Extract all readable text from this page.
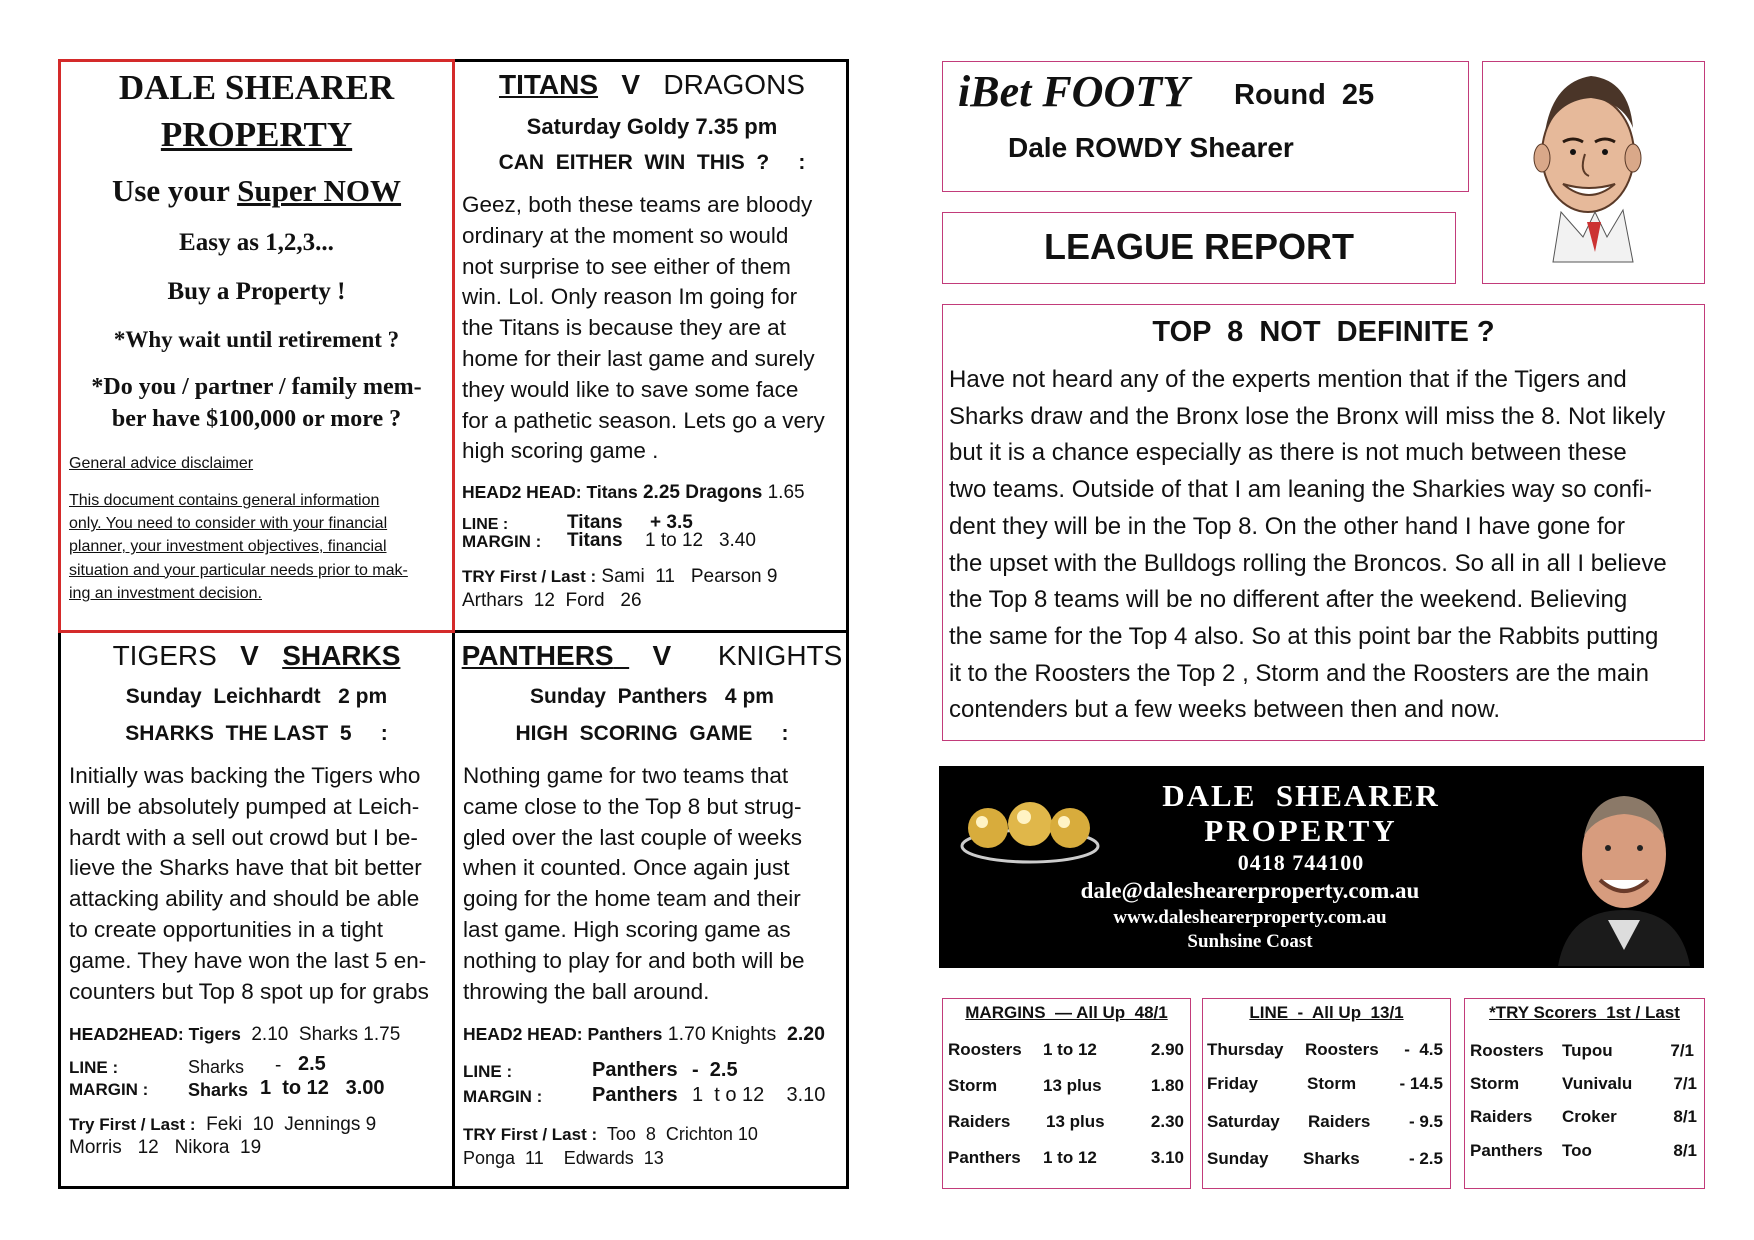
DALE SHEARER
PROPERTY
Use your Super NOW
Easy as 1,2,3...
Buy a Property !
*Why wait until retirement ?
*Do you / partner / family mem-
ber have $100,000 or more ?
General advice disclaimer
This document contains general information
only. You need to consider with your financial
planner, your investment objectives, financial
situation and your particular needs prior to mak-
ing an investment decision.
TITANS V DRAGONS
Saturday Goldy 7.35 pm
CAN  EITHER  WIN  THIS  ?     :
Geez, both these teams are bloody
ordinary at the moment so would
not surprise to see either of them
win. Lol. Only reason Im going for
the Titans is because they are at
home for their last game and surely
they would like to save some face
for a pathetic season. Lets go a very
high scoring game .
HEAD2 HEAD: Titans 2.25 Dragons 1.65
LINE :	Titans + 3.5
MARGIN : Titans 1 to 12   3.40
TRY First / Last : Sami  11   Pearson 9
Arthars  12  Ford   26
TIGERS V SHARKS
Sunday  Leichhardt   2 pm
SHARKS  THE LAST  5     :
Initially was backing the Tigers who
will be absolutely pumped at Leich-
hardt with a sell out crowd but I be-
lieve the Sharks have that bit better
attacking ability and should be able
to create opportunities in a tight
game. They have won the last 5 en-
counters but Top 8 spot up for grabs
HEAD2HEAD: Tigers 2.10  Sharks 1.75
LINE :	Sharks - 2.5
MARGIN : Sharks 1  to 12   3.00
Try First / Last : Feki  10  Jennings 9
Morris   12   Nikora  19
PANTHERS V KNIGHTS
Sunday  Panthers   4 pm
HIGH  SCORING  GAME     :
Nothing game for two teams that
came close to the Top 8 but strug-
gled over the last couple of weeks
when it counted. Once again just
going for the home team and their
last game. High scoring game as
nothing to play for and both will be
throwing the ball around.
HEAD2 HEAD: Panthers 1.70 Knights 2.20
LINE :	Panthers -  2.5
MARGIN : Panthers 1  t o 12    3.10
TRY First / Last : Too  8  Crichton 10
Ponga  11    Edwards  13
iBet FOOTY Round  25
Dale ROWDY Shearer
LEAGUE REPORT
TOP  8  NOT  DEFINITE ?
Have not heard any of the experts mention that if the Tigers and
Sharks draw and the Bronx lose the Bronx will miss the 8. Not likely
but it is a chance especially as there is not much between these
two teams. Outside of that I am leaning the Sharkies way so confi-
dent they will be in the Top 8. On the other hand I have gone for
the upset with the Bulldogs rolling the Broncos. So all in all I believe
the Top 8 teams will be no different after the weekend. Believing
the same for the Top 4 also. So at this point bar the Rabbits putting
it to the Roosters the Top 2 , Storm and the Roosters are the main
contenders but a few weeks between then and now.
DALE  SHEARER
PROPERTY
0418 744100
dale@daleshearerproperty.com.au
www.daleshearerproperty.com.au
Sunhsine Coast
MARGINS  — All Up  48/1	LINE  -  All Up  13/1	*TRY Scorers  1st / Last
Roosters 1 to 12	2.90
Storm	13 plus	1.80
Raiders 13 plus	2.30
Panthers 1 to 12	3.10
Thursday Roosters -  4.5
Friday	Storm	- 14.5
Saturday Raiders - 9.5
Sunday Sharks	- 2.5
Roosters Tupou	7/1
Storm	Vunivalu 7/1
Raiders Croker	8/1
Panthers Too	8/1
